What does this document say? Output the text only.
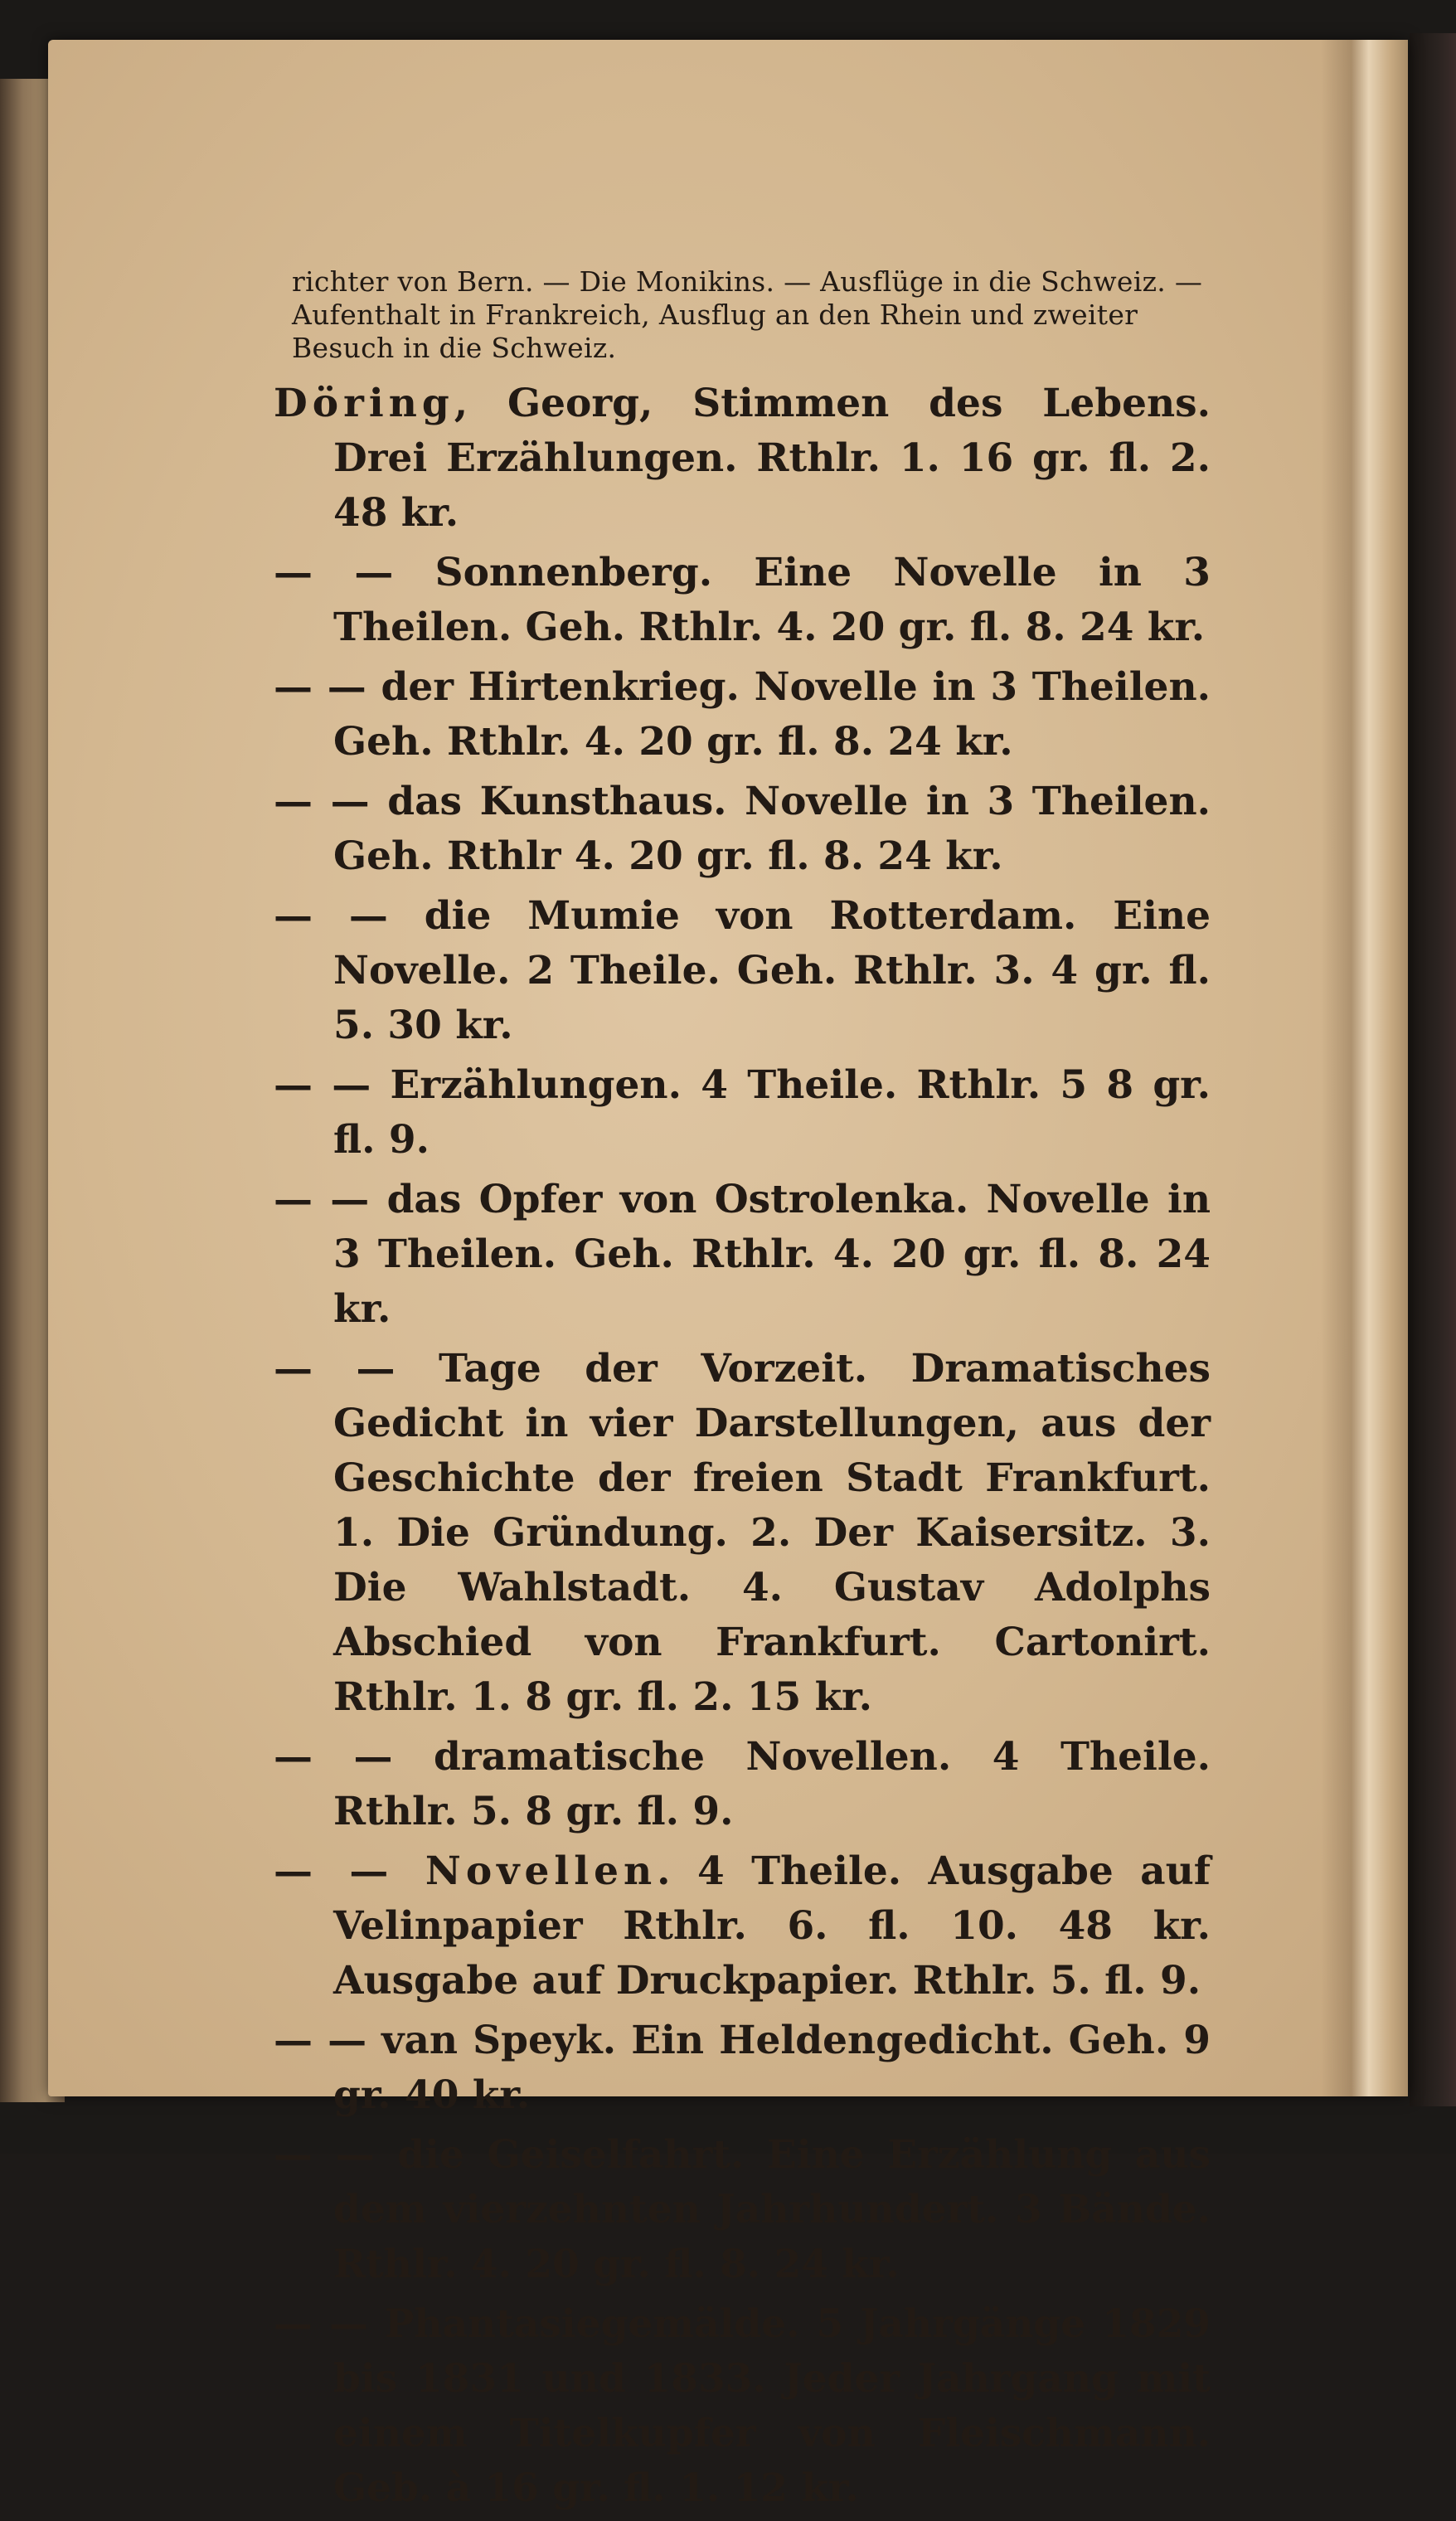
richter von Bern. — Die Monikins. — Ausflüge in die Schweiz. — Aufenthalt in Frankreich, Ausflug an den Rhein und zweiter Besuch in die Schweiz.

Döring, Georg, Stimmen des Lebens. Drei Erzählungen. Rthlr. 1. 16 gr. fl. 2. 48 kr.

— — Sonnenberg. Eine Novelle in 3 Theilen. Geh. Rthlr. 4. 20 gr. fl. 8. 24 kr.

— — der Hirtenkrieg. Novelle in 3 Theilen. Geh. Rthlr. 4. 20 gr. fl. 8. 24 kr.

— — das Kunsthaus. Novelle in 3 Theilen. Geh. Rthlr 4. 20 gr. fl. 8. 24 kr.

— — die Mumie von Rotterdam. Eine Novelle. 2 Theile. Geh. Rthlr. 3. 4 gr. fl. 5. 30 kr.

— — Erzählungen. 4 Theile. Rthlr. 5 8 gr. fl. 9.

— — das Opfer von Ostrolenka. Novelle in 3 Theilen. Geh. Rthlr. 4. 20 gr. fl. 8. 24 kr.

— — Tage der Vorzeit. Dramatisches Gedicht in vier Darstellungen, aus der Geschichte der freien Stadt Frankfurt. 1. Die Gründung. 2. Der Kaisersitz. 3. Die Wahlstadt. 4. Gustav Adolphs Abschied von Frankfurt. Cartonirt. Rthlr. 1. 8 gr. fl. 2. 15 kr.

— — dramatische Novellen. 4 Theile. Rthlr. 5. 8 gr. fl. 9.

— — Novellen. 4 Theile. Ausgabe auf Velinpapier Rthlr. 6. fl. 10. 48 kr. Ausgabe auf Druckpapier. Rthlr. 5. fl. 9.

— — van Speyk. Ein Heldengedicht. Geh. 9 gr. 40 kr.

— — die Geiselfahrt. Eine Erzählung aus dem vierzehnten Jahrhundert. 3 Bände. Rthlr. 4. 20 gr. fl. 8. 24 kr.

— — Phantasiegemälde. 5 Jahrgänge 1829 bis 1831 und 1833. Jeder Jahrgang mit einem Titelkupfer von Fleischmann. Geb. à 16 gr. fl. 1. 12 kr.
